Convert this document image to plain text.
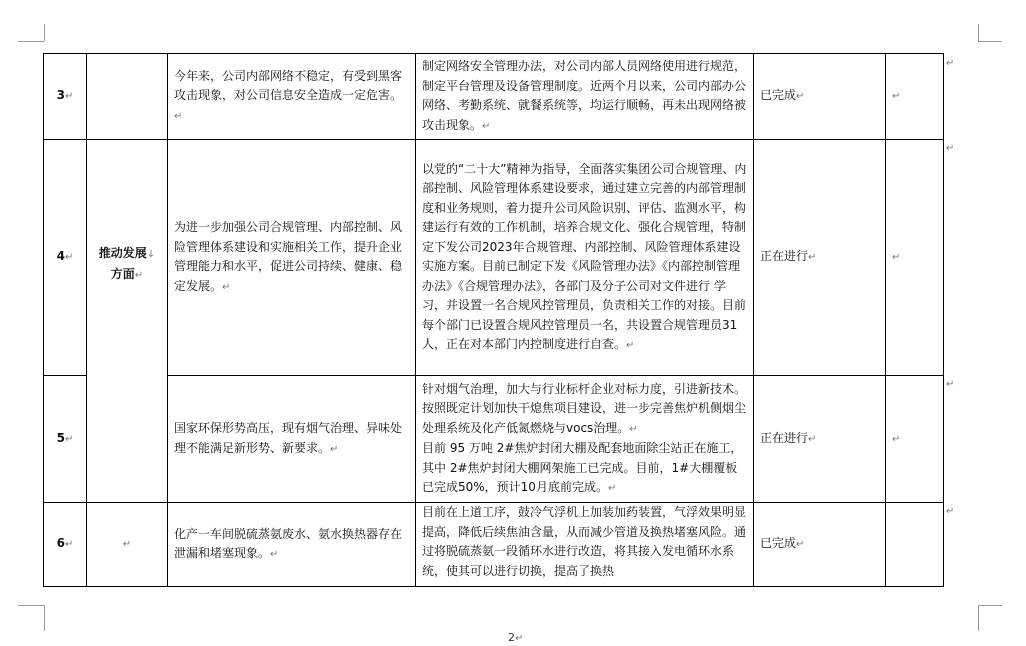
3↵		今年来，公司内部网络不稳定，有受到黑客攻击现象，对公司信息安全造成一定危害。↵	制定网络安全管理办法，对公司内部人员网络使用进行规范，制定平台管理及设备管理制度。近两个月以来，公司内部办公网络、考勤系统、就餐系统等，均运行顺畅，再未出现网络被攻击现象。↵	已完成↵	↵
4↵	推动发展↓
方面↵	为进一步加强公司合规管理、内部控制、风险管理体系建设和实施相关工作，提升企业管理能力和水平，促进公司持续、健康、稳定发展。↵	以党的“二十大”精神为指导，全面落实集团公司合规管理、内部控制、风险管理体系建设要求，通过建立完善的内部管理制度和业务规则，着力提升公司风险识别、评估、监测水平，构建运行有效的工作机制，培养合规文化、强化合规管理，特制定下发公司2023年合规管理、内部控制、风险管理体系建设实施方案。目前已制定下发《风险管理办法》《内部控制管理办法》《合规管理办法》，各部门及分子公司对文件进行 学习，并设置一名合规风控管理员，负责相关工作的对接。目前每个部门已设置合规风控管理员一名，共设置合规管理员31人，正在对本部门内控制度进行自查。↵	正在进行↵	↵
5↵		国家环保形势高压，现有烟气治理、异味处理不能满足新形势、新要求。↵	针对烟气治理，加大与行业标杆企业对标力度，引进新技术。按照既定计划加快干熄焦项目建设，进一步完善焦炉机侧烟尘处理系统及化产低氮燃烧与vocs治理。↵
目前 95 万吨 2#焦炉封闭大棚及配套地面除尘站正在施工，其中 2#焦炉封闭大棚网架施工已完成。目前，1#大棚覆板已完成50%，预计10月底前完成。↵	正在进行↵	↵
6↵	↵	化产一车间脱硫蒸氨废水、氨水换热器存在泄漏和堵塞现象。↵	目前在上道工序，鼓冷气浮机上加装加药装置，气浮效果明显提高，降低后续焦油含量，从而减少管道及换热堵塞风险。通过将脱硫蒸氨一段循环水进行改造，将其接入发电循环水系统，使其可以进行切换，提高了换热	已完成↵	
↵
↵
↵
↵
2↵
